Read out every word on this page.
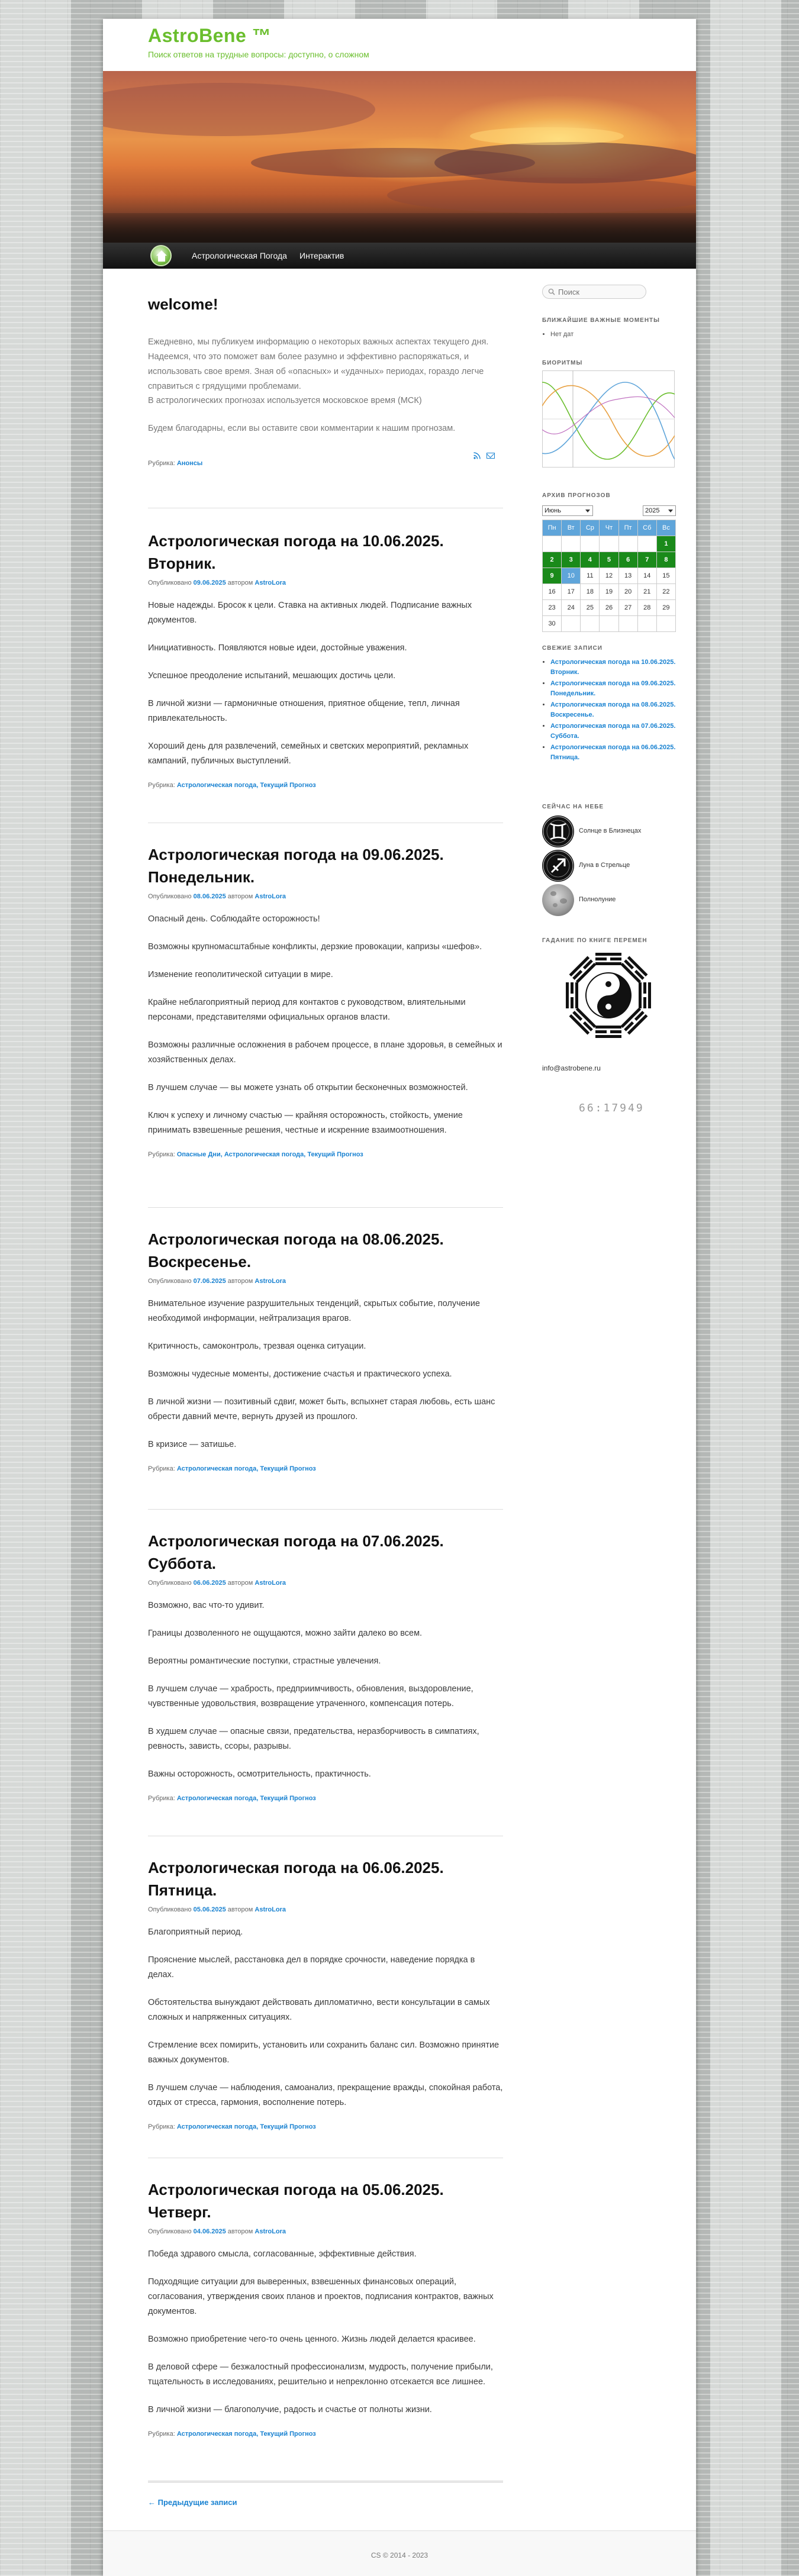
AstroBene ™
Поиск ответов на трудные вопросы: доступно, о сложном
Астрологическая Погода Интерактив
welcome!

Ежедневно, мы публикуем информацию о некоторых важных аспектах текущего дня. Надеемся, что это поможет вам более разумно и эффективно распоряжаться, и использовать свое время. Зная об «опасных» и «удачных» периодах, гораздо легче справиться с грядущими проблемами.

В астрологических прогнозах используется московское время (МСК)

Будем благодарны, если вы оставите свои комментарии к нашим прогнозам.

Рубрика: Анонсы
Астрологическая погода на 10.06.2025. Вторник.
Опубликовано 09.06.2025 автором AstroLora

Новые надежды. Бросок к цели. Ставка на активных людей. Подписание важных документов.

Инициативность. Появляются новые идеи, достойные уважения.

Успешное преодоление испытаний, мешающих достичь цели.

В личной жизни — гармоничные отношения, приятное общение, тепл, личная привлекательность.

Хороший день для развлечений, семейных и светских мероприятий, рекламных кампаний, публичных выступлений.

Рубрика: Астрологическая погода, Текущий Прогноз
Астрологическая погода на 09.06.2025. Понедельник.
Опубликовано 08.06.2025 автором AstroLora

Опасный день. Соблюдайте осторожность!

Возможны крупномасштабные конфликты, дерзкие провокации, капризы «шефов».

Изменение геополитической ситуации в мире.

Крайне неблагоприятный период для контактов с руководством, влиятельными персонами, представителями официальных органов власти.

Возможны различные осложнения в рабочем процессе, в плане здоровья, в семейных и хозяйственных делах.

В лучшем случае — вы можете узнать об открытии бесконечных возможностей.

Ключ к успеху и личному счастью — крайняя осторожность, стойкость, умение принимать взвешенные решения, честные и искренние взаимоотношения.

Рубрика: Опасные Дни, Астрологическая погода, Текущий Прогноз
Астрологическая погода на 08.06.2025. Воскресенье.
Опубликовано 07.06.2025 автором AstroLora

Внимательное изучение разрушительных тенденций, скрытых событие, получение необходимой информации, нейтрализация врагов.

Критичность, самоконтроль, трезвая оценка ситуации.

Возможны чудесные моменты, достижение счастья и практического успеха.

В личной жизни — позитивный сдвиг, может быть, вспыхнет старая любовь, есть шанс обрести давний мечте, вернуть друзей из прошлого.

В кризисе — затишье.

Рубрика: Астрологическая погода, Текущий Прогноз
Астрологическая погода на 07.06.2025. Суббота.
Опубликовано 06.06.2025 автором AstroLora

Возможно, вас что-то удивит.

Границы дозволенного не ощущаются, можно зайти далеко во всем.

Вероятны романтические поступки, страстные увлечения.

В лучшем случае — храбрость, предприимчивость, обновления, выздоровление, чувственные удовольствия, возвращение утраченного, компенсация потерь.

В худшем случае — опасные связи, предательства, неразборчивость в симпатиях, ревность, зависть, ссоры, разрывы.

Важны осторожность, осмотрительность, практичность.

Рубрика: Астрологическая погода, Текущий Прогноз
Астрологическая погода на 06.06.2025. Пятница.
Опубликовано 05.06.2025 автором AstroLora

Благоприятный период.

Прояснение мыслей, расстановка дел в порядке срочности, наведение порядка в делах.

Обстоятельства вынуждают действовать дипломатично, вести консультации в самых сложных и напряженных ситуациях.

Стремление всех помирить, установить или сохранить баланс сил. Возможно принятие важных документов.

В лучшем случае — наблюдения, самоанализ, прекращение вражды, спокойная работа, отдых от стресса, гармония, восполнение потерь.

Рубрика: Астрологическая погода, Текущий Прогноз
Астрологическая погода на 05.06.2025. Четверг.
Опубликовано 04.06.2025 автором AstroLora

Победа здравого смысла, согласованные, эффективные действия.

Подходящие ситуации для выверенных, взвешенных финансовых операций, согласования, утверждения своих планов и проектов, подписания контрактов, важных документов.

Возможно приобретение чего-то очень ценного. Жизнь людей делается красивее.

В деловой сфере — безжалостный профессионализм, мудрость, получение прибыли, тщательность в исследованиях, решительно и непреклонно отсекается все лишнее.

В личной жизни — благополучие, радость и счастье от полноты жизни.

Рубрика: Астрологическая погода, Текущий Прогноз
← Предыдущие записи
Поиск
БЛИЖАЙШИЕ ВАЖНЫЕ МОМЕНТЫ
• Нет дат
БИОРИТМЫ
АРХИВ ПРОГНОЗОВ
Июнь	2025
Пн	Вт	Ср	Чт	Пт	Сб	Вс
						1
2	3	4	5	6	7	8
9	10	11	12	13	14	15
16	17	18	19	20	21	22
23	24	25	26	27	28	29
30						
СВЕЖИЕ ЗАПИСИ
• Астрологическая погода на 10.06.2025. Вторник.
• Астрологическая погода на 09.06.2025. Понедельник.
• Астрологическая погода на 08.06.2025. Воскресенье.
• Астрологическая погода на 07.06.2025. Суббота.
• Астрологическая погода на 06.06.2025. Пятница.
СЕЙЧАС НА НЕБЕ
Солнце в Близнецах
Луна в Стрельце
Полнолуние
ГАДАНИЕ ПО КНИГЕ ПЕРЕМЕН
info@astrobene.ru
66:17949
CS © 2014 - 2023
